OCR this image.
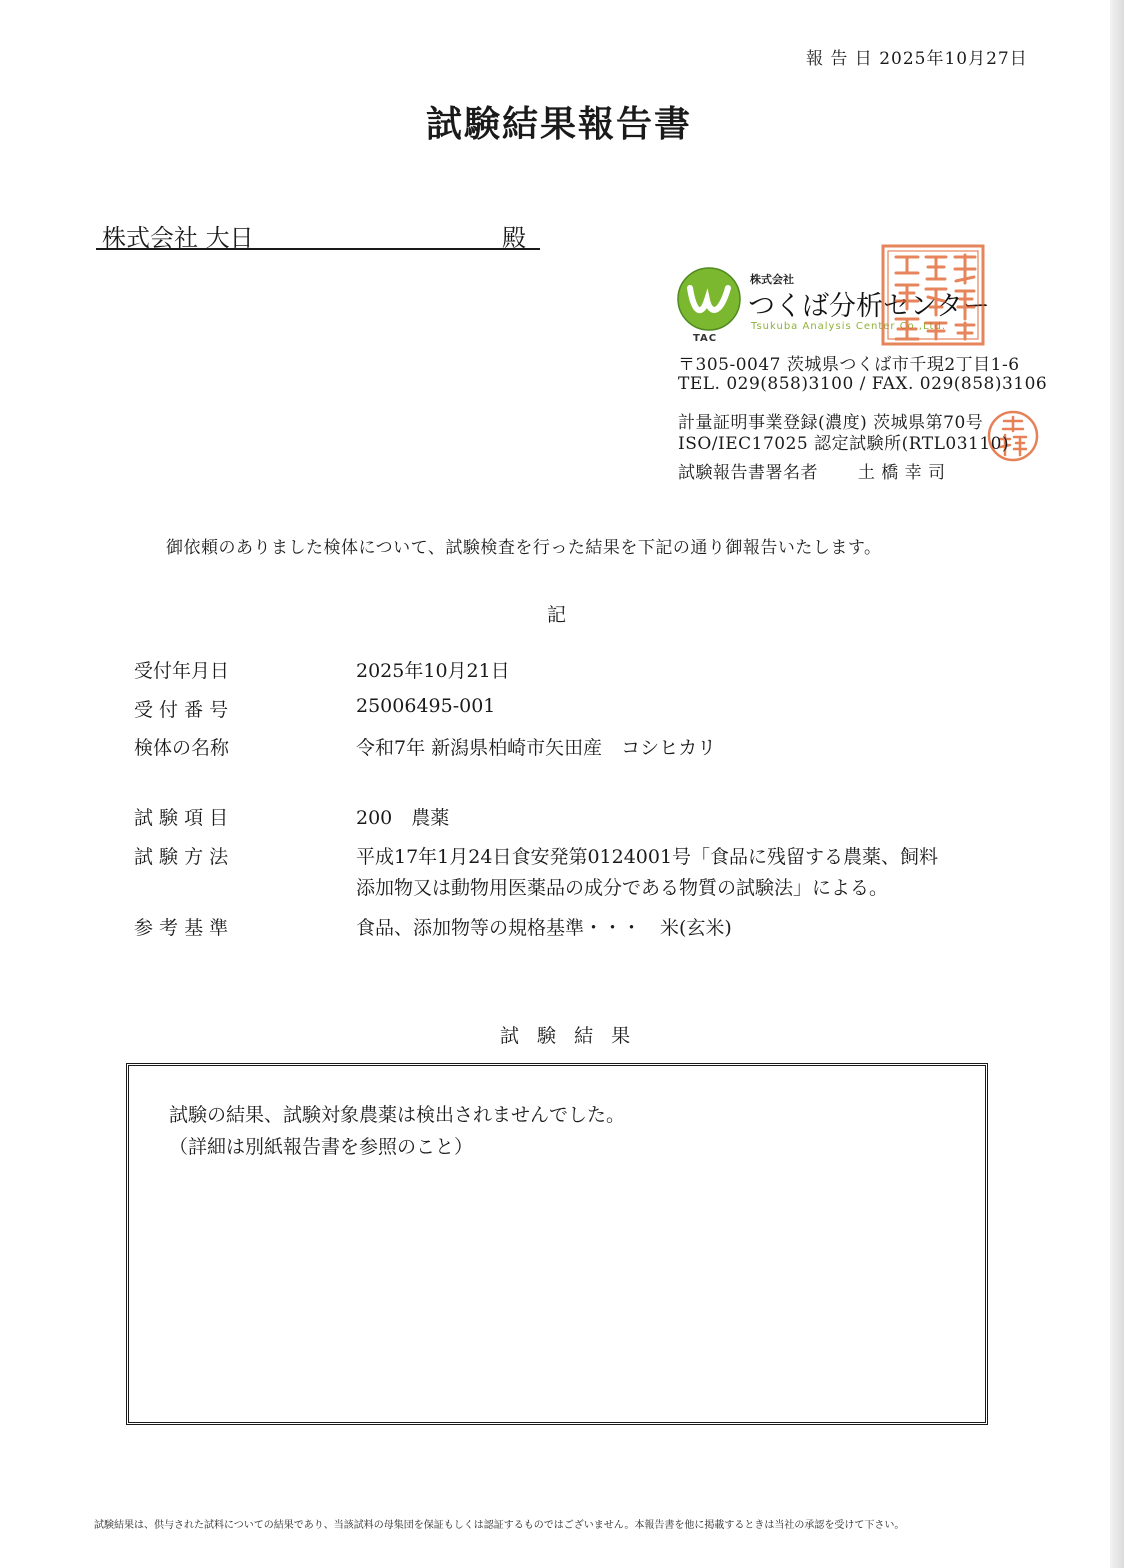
報 告 日 2025年10月27日
試験結果報告書
株式会社 大日	殿
TAC
株式会社
つくば分析センター
Tsukuba Analysis Center Co.,Ltd.
〒305-0047 茨城県つくば市千現2丁目1-6
TEL. 029(858)3100 / FAX. 029(858)3106
計量証明事業登録(濃度) 茨城県第70号
ISO/IEC17025 認定試験所(RTL03110)
試験報告書署名者 土 橋 幸 司
御依頼のありました検体について、試験検査を行った結果を下記の通り御報告いたします。
記
受付年月日	2025年10月21日
受 付 番 号	25006495-001
検体の名称	令和7年 新潟県柏崎市矢田産　コシヒカリ
試 験 項 目	200　農薬
試 験 方 法	平成17年1月24日食安発第0124001号「食品に残留する農薬、飼料
添加物又は動物用医薬品の成分である物質の試験法」による。
参 考 基 準	食品、添加物等の規格基準・・・　米(玄米)
試 験 結 果
試験の結果、試験対象農薬は検出されませんでした。
（詳細は別紙報告書を参照のこと）
試験結果は、供与された試料についての結果であり、当該試料の母集団を保証もしくは認証するものではございません。本報告書を他に掲載するときは当社の承認を受けて下さい。
